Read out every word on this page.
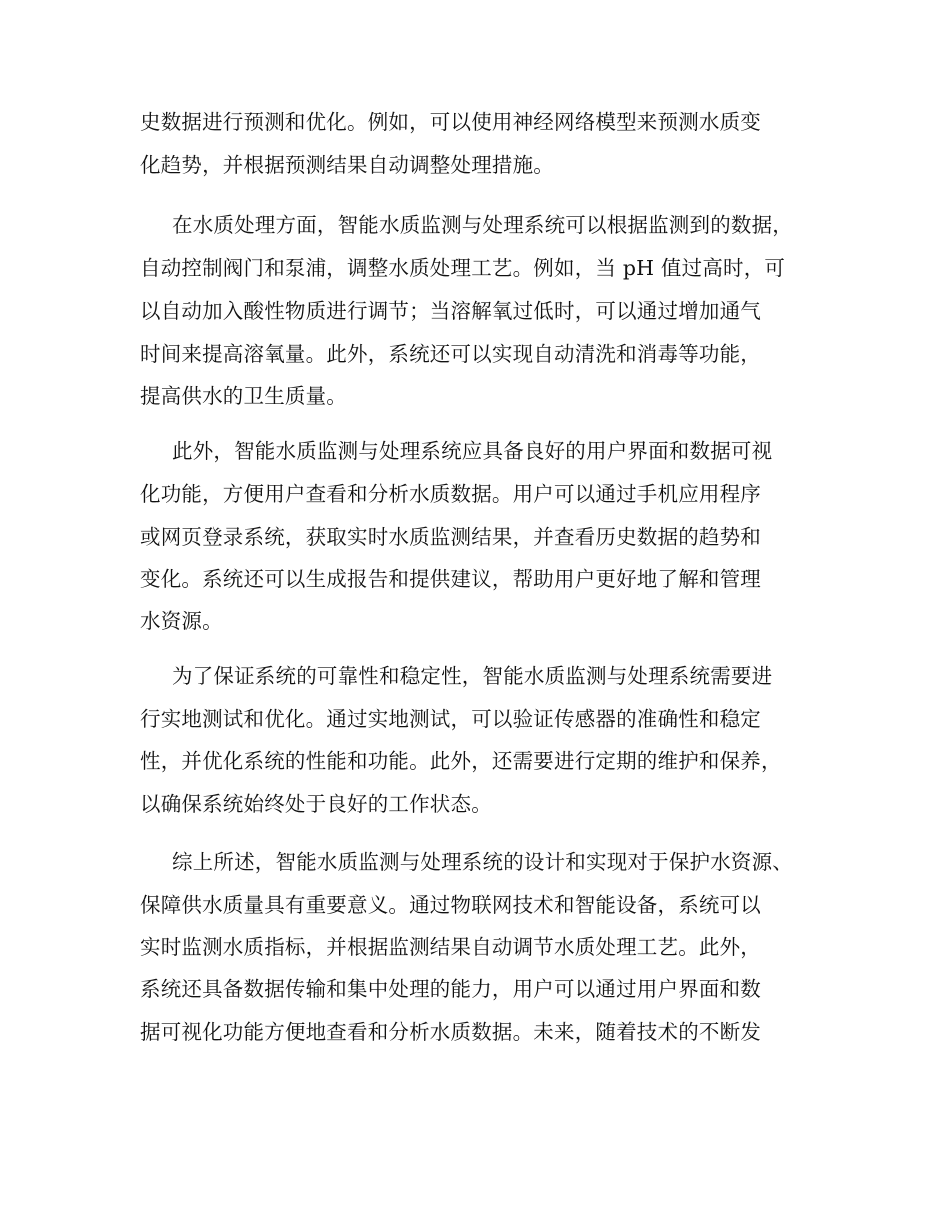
史数据进行预测和优化。例如，可以使用神经网络模型来预测水质变
化趋势，并根据预测结果自动调整处理措施。
在水质处理方面，智能水质监测与处理系统可以根据监测到的数据，
自动控制阀门和泵浦，调整水质处理工艺。例如，当 pH 值过高时，可
以自动加入酸性物质进行调节；当溶解氧过低时，可以通过增加通气
时间来提高溶氧量。此外，系统还可以实现自动清洗和消毒等功能，
提高供水的卫生质量。
此外，智能水质监测与处理系统应具备良好的用户界面和数据可视
化功能，方便用户查看和分析水质数据。用户可以通过手机应用程序
或网页登录系统，获取实时水质监测结果，并查看历史数据的趋势和
变化。系统还可以生成报告和提供建议，帮助用户更好地了解和管理
水资源。
为了保证系统的可靠性和稳定性，智能水质监测与处理系统需要进
行实地测试和优化。通过实地测试，可以验证传感器的准确性和稳定
性，并优化系统的性能和功能。此外，还需要进行定期的维护和保养，
以确保系统始终处于良好的工作状态。
综上所述，智能水质监测与处理系统的设计和实现对于保护水资源、
保障供水质量具有重要意义。通过物联网技术和智能设备，系统可以
实时监测水质指标，并根据监测结果自动调节水质处理工艺。此外，
系统还具备数据传输和集中处理的能力，用户可以通过用户界面和数
据可视化功能方便地查看和分析水质数据。未来，随着技术的不断发
